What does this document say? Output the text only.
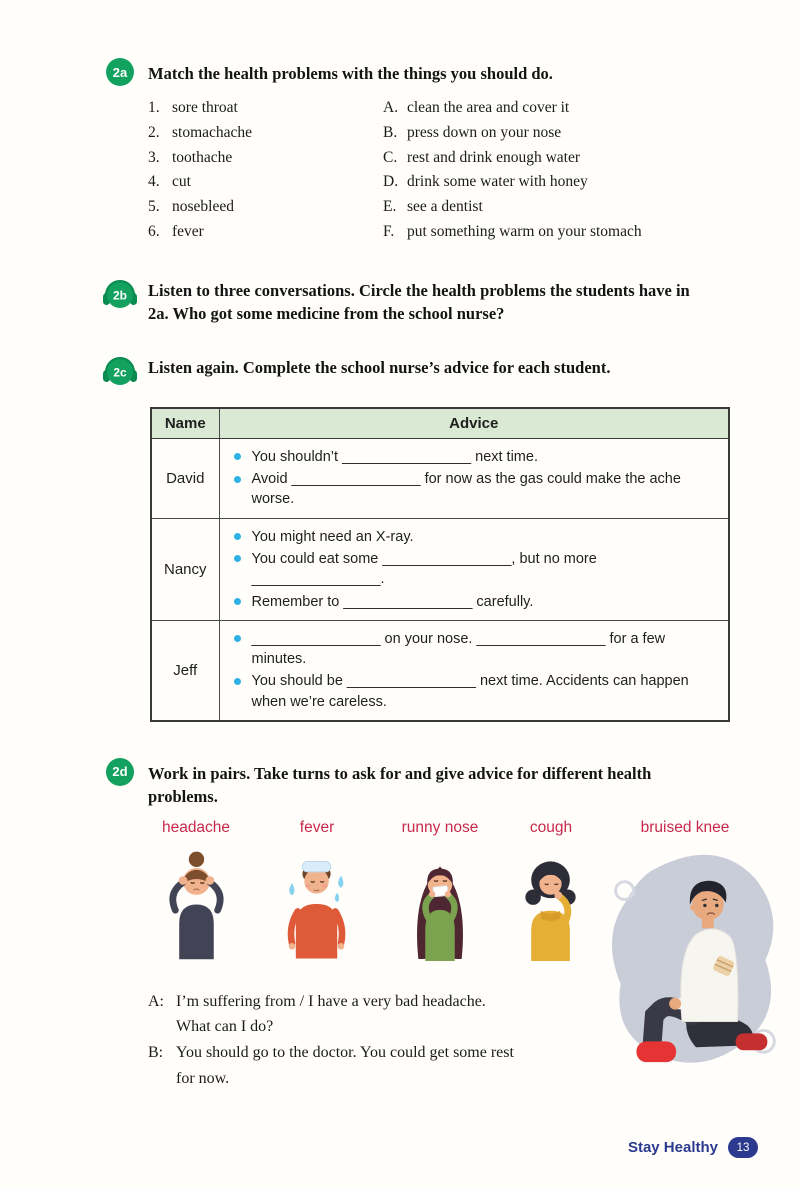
2a	Match the health problems with the things you should do.
1. sore throat	A. clean the area and cover it
2. stomachache	B. press down on your nose
3. toothache	C. rest and drink enough water
4. cut	D. drink some water with honey
5. nosebleed	E. see a dentist
6. fever	F. put something warm on your stomach
2b Listen to three conversations. Circle the health problems the students have in 2a. Who got some medicine from the school nurse?
2c Listen again. Complete the school nurse’s advice for each student.
Name	Advice
David	You shouldn’t ________________ next time.
Avoid ________________ for now as the gas could make the ache worse.

Nancy	You might need an X-ray.
You could eat some ________________, but no more ________________.
Remember to ________________ carefully.

Jeff	________________ on your nose. ________________ for a few minutes.
You should be ________________ next time. Accidents can happen when we’re careless.
2d	Work in pairs. Take turns to ask for and give advice for different health problems.
headache	fever	runny nose	cough	bruised knee
A: I’m suffering from / I have a very bad headache.
What can I do?
B: You should go to the doctor. You could get some rest
for now.
Stay Healthy	13
